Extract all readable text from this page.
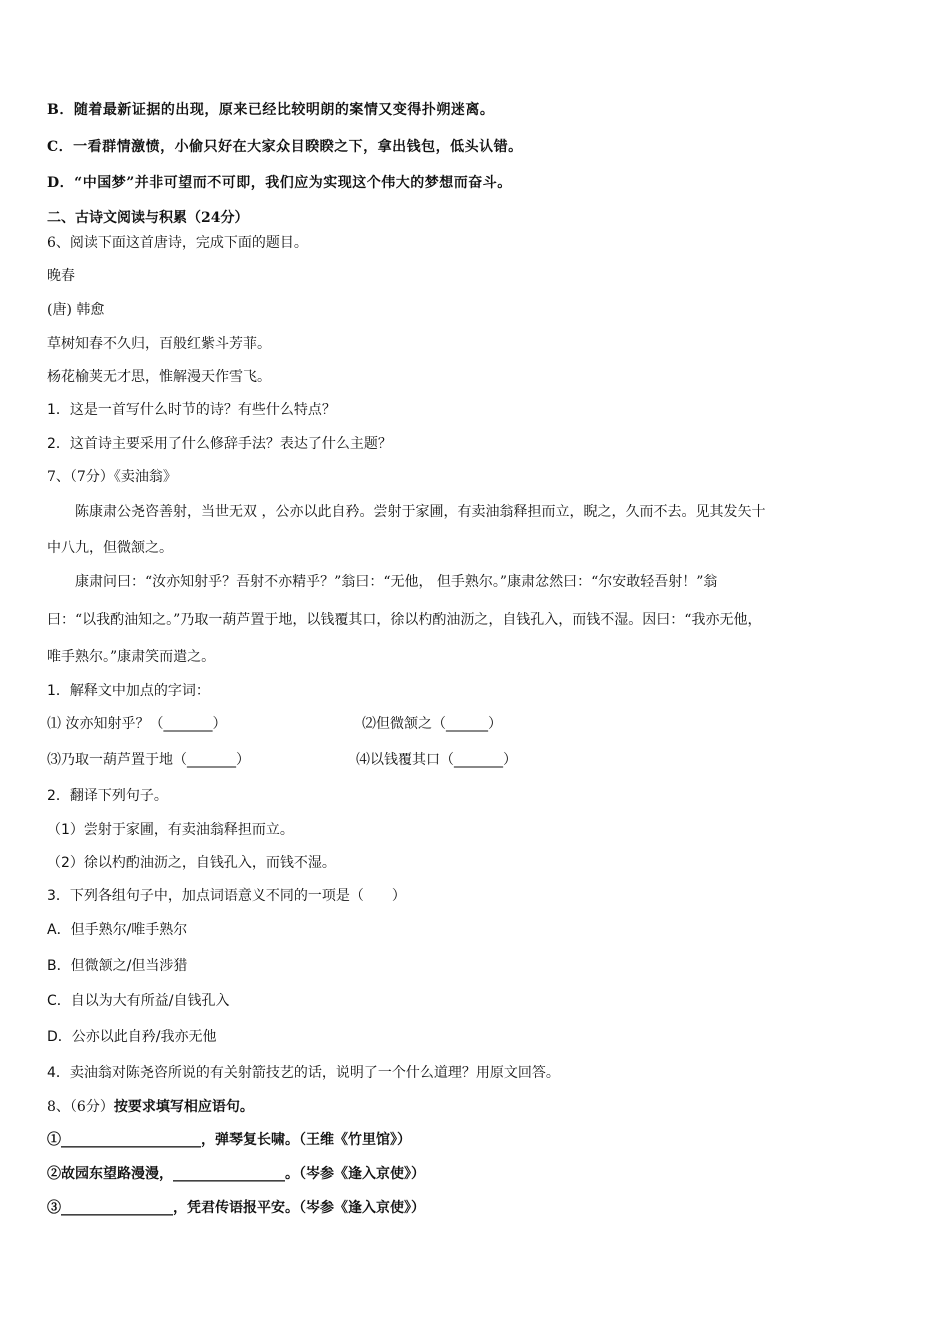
B．随着最新证据的出现，原来已经比较明朗的案情又变得扑朔迷离。
C．一看群情激愤，小偷只好在大家众目睽睽之下，拿出钱包，低头认错。
D．“中国梦”并非可望而不可即，我们应为实现这个伟大的梦想而奋斗。
二、古诗文阅读与积累（24分）
6、阅读下面这首唐诗，完成下面的题目。
晚春
(唐) 韩愈
草树知春不久归，百般红紫斗芳菲。
杨花榆荚无才思，惟解漫天作雪飞。
1．这是一首写什么时节的诗？有些什么特点？
2．这首诗主要采用了什么修辞手法？表达了什么主题？
7、（7分）《卖油翁》
　　陈康肃公尧咨善射，当世无双 ，公亦以此自矜。尝射于家圃，有卖油翁释担而立，睨之，久而不去。见其发矢十
中八九，但微颔之。
　　康肃问曰：“汝亦知射乎？吾射不亦精乎？”翁曰：“无他， 但手熟尔。”康肃忿然曰：“尔安敢轻吾射！”翁
曰：“以我酌油知之。”乃取一葫芦置于地，以钱覆其口，徐以杓酌油沥之，自钱孔入，而钱不湿。因曰：“我亦无他，
唯手熟尔。”康肃笑而遣之。
1．解释文中加点的字词：
⑴ 汝亦知射乎？（_______）	⑵但微颔之（______）
⑶乃取一葫芦置于地（_______）	⑷以钱覆其口（_______）
2．翻译下列句子。
（1）尝射于家圃，有卖油翁释担而立。
（2）徐以杓酌油沥之，自钱孔入，而钱不湿。
3．下列各组句子中，加点词语意义不同的一项是（　　）
A．但手熟尔/唯手熟尔
B．但微颔之/但当涉猎
C．自以为大有所益/自钱孔入
D．公亦以此自矜/我亦无他
4．卖油翁对陈尧咨所说的有关射箭技艺的话，说明了一个什么道理？用原文回答。
8、（6分）按要求填写相应语句。
①____________________，弹琴复长啸。（王维《竹里馆》）
②故园东望路漫漫，________________。（岑参《逢入京使》）
③________________，凭君传语报平安。（岑参《逢入京使》）
